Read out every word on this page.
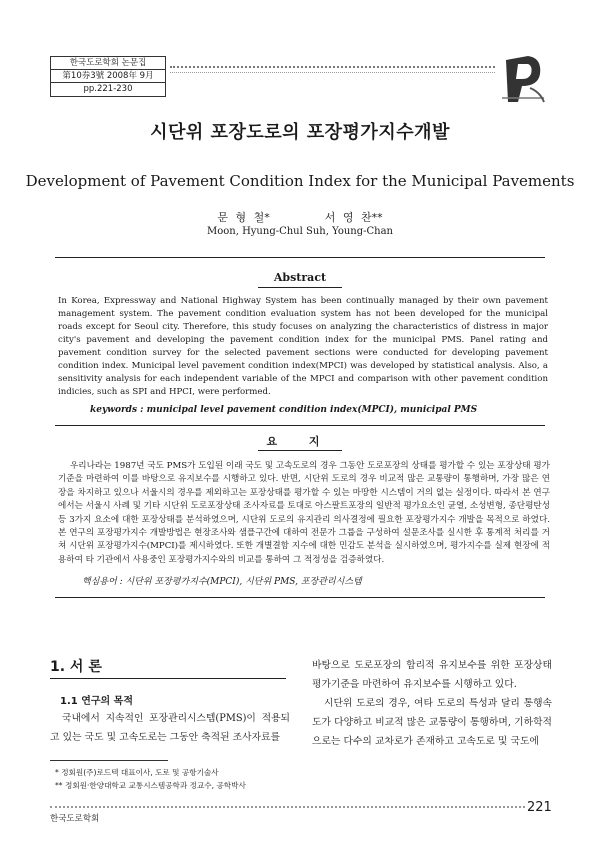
한국도로학회 논문집
第10券3號 2008年 9月
pp.221-230
시단위 포장도로의 포장평가지수개발
Development of Pavement Condition Index for the Municipal Pavements
문 형 철*	서 영 찬**
Moon, Hyung-Chul Suh, Young-Chan
Abstract
In Korea, Expressway and National Highway System has been continually managed by their own pavement management system. The pavement condition evaluation system has not been developed for the municipal roads except for Seoul city. Therefore, this study focuses on analyzing the characteristics of distress in major city's pavement and developing the pavement condition index for the municipal PMS. Panel rating and pavement condition survey for the selected pavement sections were conducted for developing pavement condition index. Municipal level pavement condition index(MPCI) was developed by statistical analysis. Also, a sensitivity analysis for each independent variable of the MPCI and comparison with other pavement condition indicies, such as SPI and HPCI, were performed.
keywords : municipal level pavement condition index(MPCI), municipal PMS
요 지

우리나라는 1987년 국도 PMS가 도입된 이래 국도 및 고속도로의 경우 그동안 도로포장의 상태를 평가할 수 있는 포장상태 평가기준을 마련하여 이를 바탕으로 유지보수를 시행하고 있다. 반면, 시단위 도로의 경우 비교적 많은 교통량이 통행하며, 가장 많은 연장을 차지하고 있으나 서울시의 경우를 제외하고는 포장상태를 평가할 수 있는 마땅한 시스템이 거의 없는 실정이다. 따라서 본 연구에서는 서울시 사례 및 기타 시단위 도로포장상태 조사자료를 토대로 아스팔트포장의 일반적 평가요소인 균열, 소성변형, 종단평탄성 등 3가지 요소에 대한 포장상태를 분석하였으며, 시단위 도로의 유지관리 의사결정에 필요한 포장평가지수 개발을 목적으로 하였다. 본 연구의 포장평가지수 개발방법은 현장조사와 샘플구간에 대하여 전문가 그룹을 구성하여 설문조사를 실시한 후 통계적 처리를 거쳐 시단위 포장평가지수(MPCI)를 제시하였다. 또한 개별결함 지수에 대한 민감도 분석을 실시하였으며, 평가지수를 실제 현장에 적용하여 타 기관에서 사용중인 포장평가지수와의 비교를 통하여 그 적정성을 검증하였다.

핵심용어 : 시단위 포장평가지수(MPCI), 시단위 PMS, 포장관리시스템
1. 서 론
1.1 연구의 목적

국내에서 지속적인 포장관리시스템(PMS)이 적용되고 있는 국도 및 고속도로는 그동안 축적된 조사자료를

바탕으로 도로포장의 합리적 유지보수를 위한 포장상태 평가기준을 마련하여 유지보수를 시행하고 있다.

시단위 도로의 경우, 여타 도로의 특성과 달리 통행속도가 다양하고 비교적 많은 교통량이 통행하며, 기하학적으로는 다수의 교차로가 존재하고 고속도로 및 국도에

* 정회원(주)로드텍 대표이사, 도로 및 공항기술사
** 정회원·한양대학교 교통시스템공학과 정교수, 공학박사
한국도로학회
221
